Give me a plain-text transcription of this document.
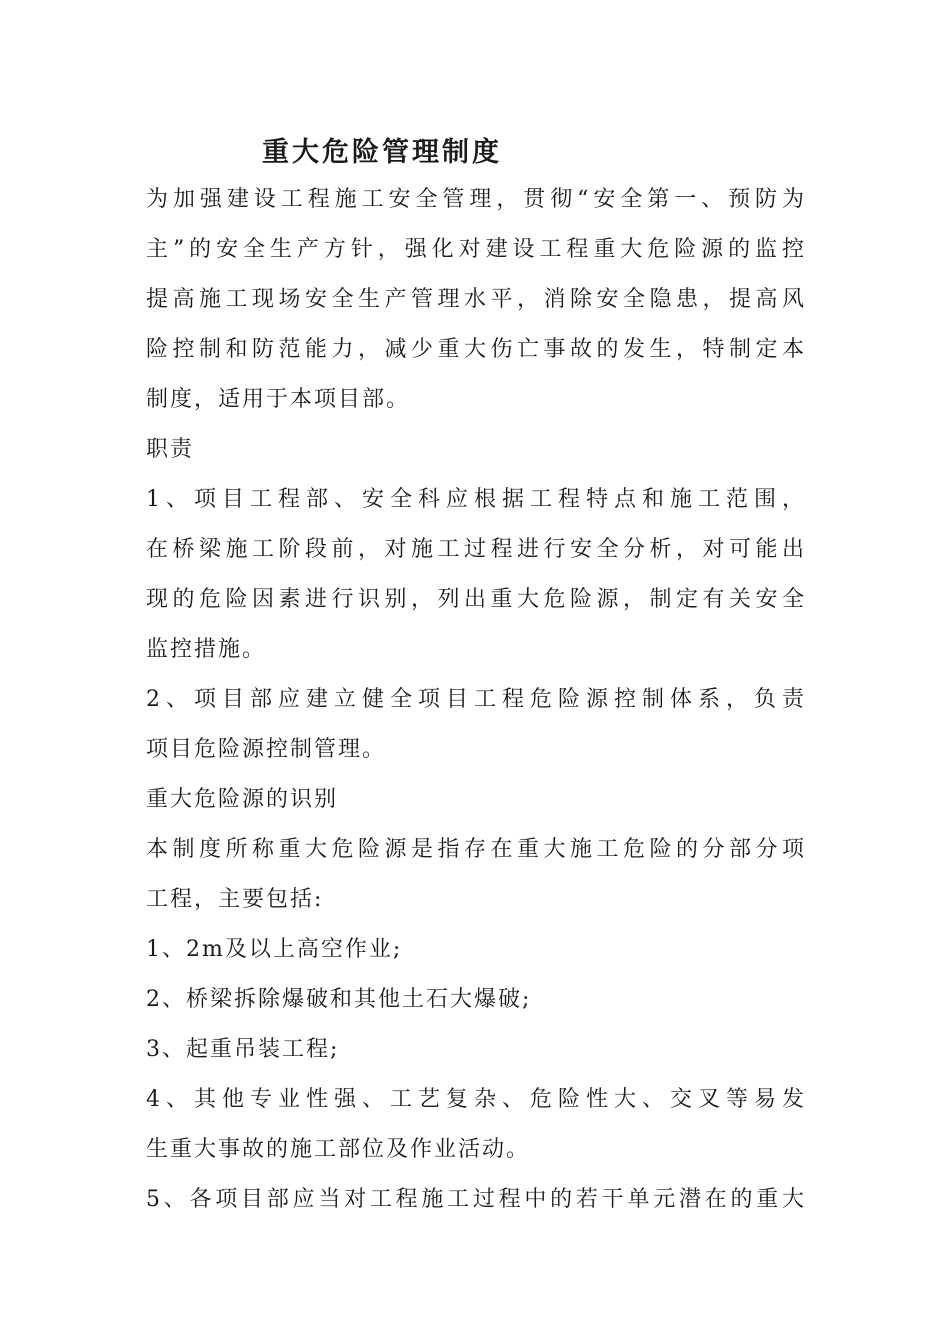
重大危险管理制度
为加强建设工程施工安全管理，贯彻“安全第一、预防为
主”的安全生产方针，强化对建设工程重大危险源的监控
提高施工现场安全生产管理水平，消除安全隐患，提高风
险控制和防范能力，减少重大伤亡事故的发生，特制定本
制度，适用于本项目部。
职责
1、项目工程部、安全科应根据工程特点和施工范围，
在桥梁施工阶段前，对施工过程进行安全分析，对可能出
现的危险因素进行识别，列出重大危险源，制定有关安全
监控措施。
2、项目部应建立健全项目工程危险源控制体系，负责
项目危险源控制管理。
重大危险源的识别
本制度所称重大危险源是指存在重大施工危险的分部分项
工程，主要包括:
1、2m及以上高空作业;
2、桥梁拆除爆破和其他土石大爆破;
3、起重吊装工程;
4、其他专业性强、工艺复杂、危险性大、交叉等易发
生重大事故的施工部位及作业活动。
5、各项目部应当对工程施工过程中的若干单元潜在的重大
